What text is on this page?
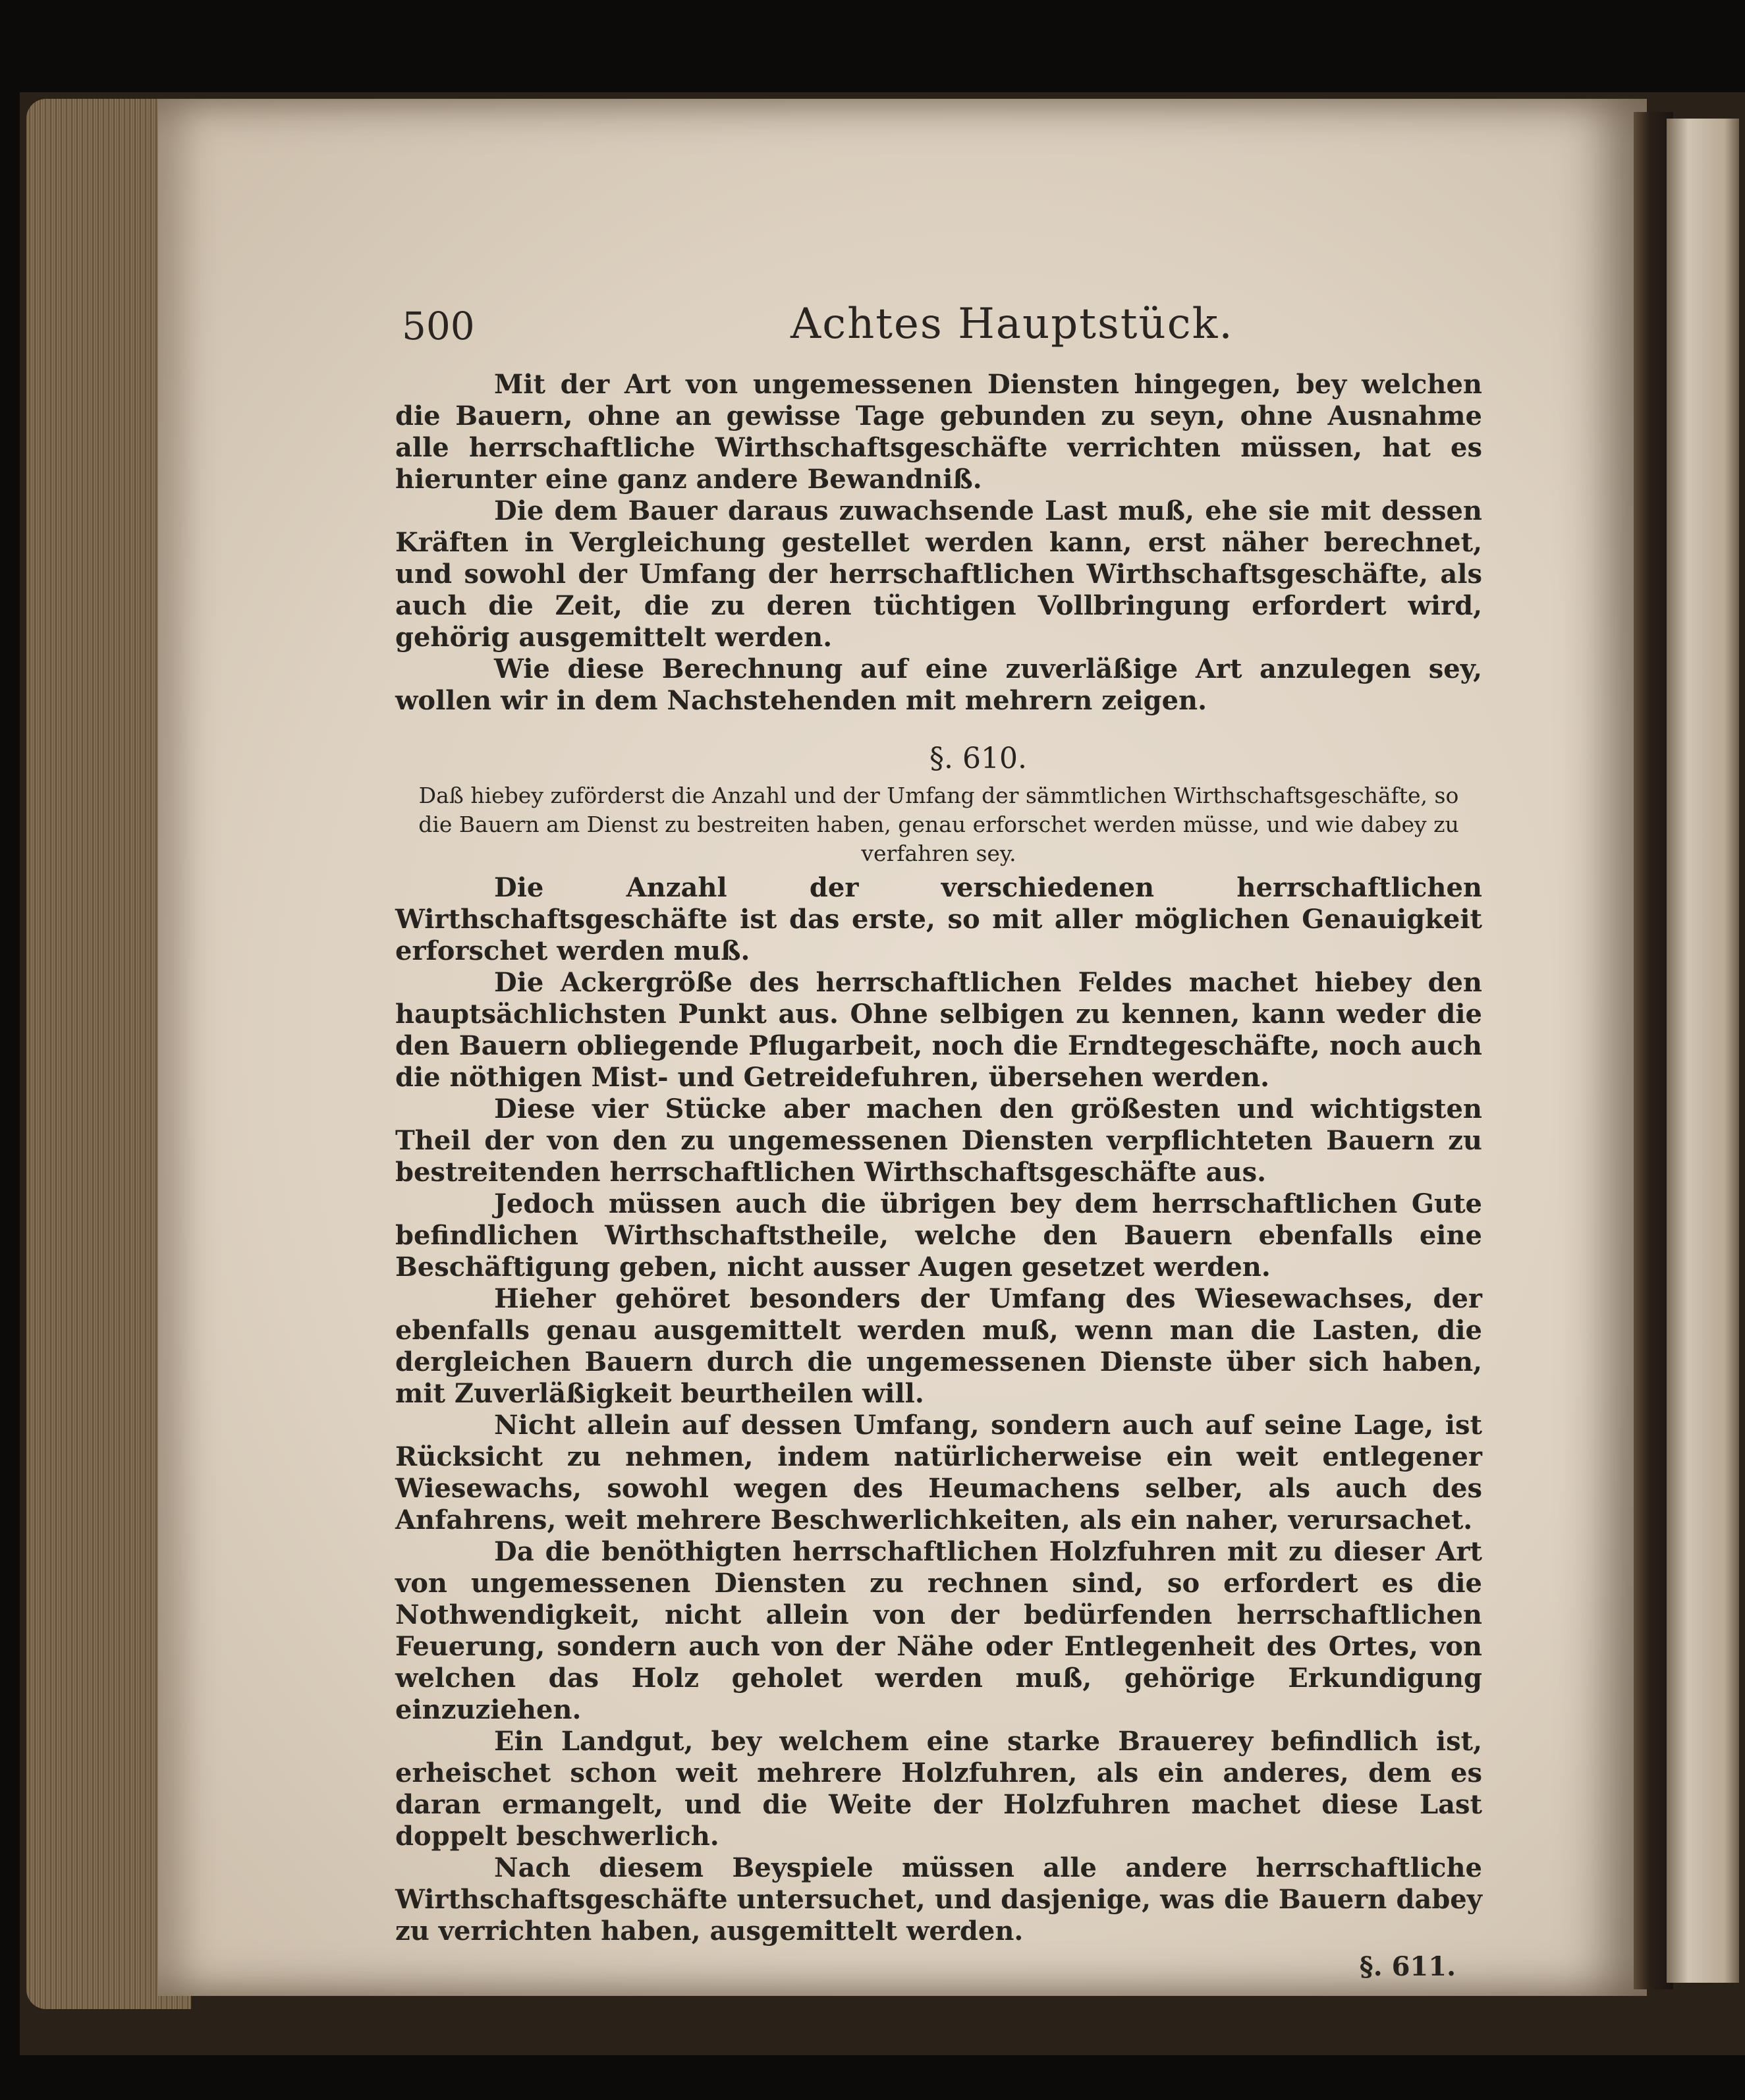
500	Achtes Hauptstück.

Mit der Art von ungemessenen Diensten hingegen, bey welchen die Bauern, ohne an gewisse Tage gebunden zu seyn, ohne Ausnahme alle herrschaftliche Wirthschaftsgeschäfte verrichten müssen, hat es hierunter eine ganz andere Bewandniß.

Die dem Bauer daraus zuwachsende Last muß, ehe sie mit dessen Kräften in Vergleichung gestellet werden kann, erst näher berechnet, und sowohl der Umfang der herrschaftlichen Wirthschaftsgeschäfte, als auch die Zeit, die zu deren tüchtigen Vollbringung erfordert wird, gehörig ausgemittelt werden.

Wie diese Berechnung auf eine zuverläßige Art anzulegen sey, wollen wir in dem Nachstehenden mit mehrern zeigen.

§. 610.
Daß hiebey zuförderst die Anzahl und der Umfang der sämmtlichen Wirthschaftsgeschäfte, so die Bauern am Dienst zu bestreiten haben, genau erforschet werden müsse, und wie dabey zu verfahren sey.

Die Anzahl der verschiedenen herrschaftlichen Wirthschaftsgeschäfte ist das erste, so mit aller möglichen Genauigkeit erforschet werden muß.

Die Ackergröße des herrschaftlichen Feldes machet hiebey den hauptsächlichsten Punkt aus. Ohne selbigen zu kennen, kann weder die den Bauern obliegende Pflugarbeit, noch die Erndtegeschäfte, noch auch die nöthigen Mist- und Getreidefuhren, übersehen werden.

Diese vier Stücke aber machen den größesten und wichtigsten Theil der von den zu ungemessenen Diensten verpflichteten Bauern zu bestreitenden herrschaftlichen Wirthschaftsgeschäfte aus.

Jedoch müssen auch die übrigen bey dem herrschaftlichen Gute befindlichen Wirthschaftstheile, welche den Bauern ebenfalls eine Beschäftigung geben, nicht ausser Augen gesetzet werden.

Hieher gehöret besonders der Umfang des Wiesewachses, der ebenfalls genau ausgemittelt werden muß, wenn man die Lasten, die dergleichen Bauern durch die ungemessenen Dienste über sich haben, mit Zuverläßigkeit beurtheilen will.

Nicht allein auf dessen Umfang, sondern auch auf seine Lage, ist Rücksicht zu nehmen, indem natürlicherweise ein weit entlegener Wiesewachs, sowohl wegen des Heumachens selber, als auch des Anfahrens, weit mehrere Beschwerlichkeiten, als ein naher, verursachet.

Da die benöthigten herrschaftlichen Holzfuhren mit zu dieser Art von ungemessenen Diensten zu rechnen sind, so erfordert es die Nothwendigkeit, nicht allein von der bedürfenden herrschaftlichen Feuerung, sondern auch von der Nähe oder Entlegenheit des Ortes, von welchen das Holz geholet werden muß, gehörige Erkundigung einzuziehen.

Ein Landgut, bey welchem eine starke Brauerey befindlich ist, erheischet schon weit mehrere Holzfuhren, als ein anderes, dem es daran ermangelt, und die Weite der Holzfuhren machet diese Last doppelt beschwerlich.

Nach diesem Beyspiele müssen alle andere herrschaftliche Wirthschaftsgeschäfte untersuchet, und dasjenige, was die Bauern dabey zu verrichten haben, ausgemittelt werden.

§. 611.
